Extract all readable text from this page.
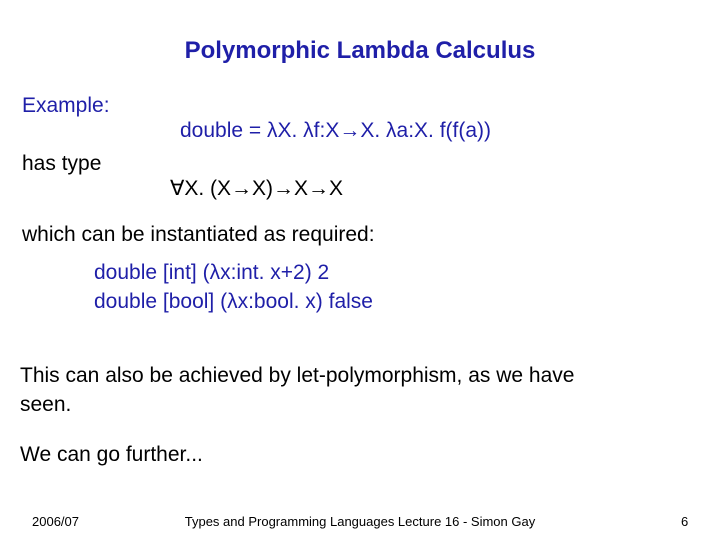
Polymorphic Lambda Calculus
Example:
double = λX. λf:X→X. λa:X. f(f(a))
has type
∀X. (X→X)→X→X
which can be instantiated as required:
double [int] (λx:int. x+2) 2
double [bool] (λx:bool. x) false
This can also be achieved by let-polymorphism, as we have
seen.
We can go further...
2006/07	Types and Programming Languages Lecture 16 - Simon Gay	6
